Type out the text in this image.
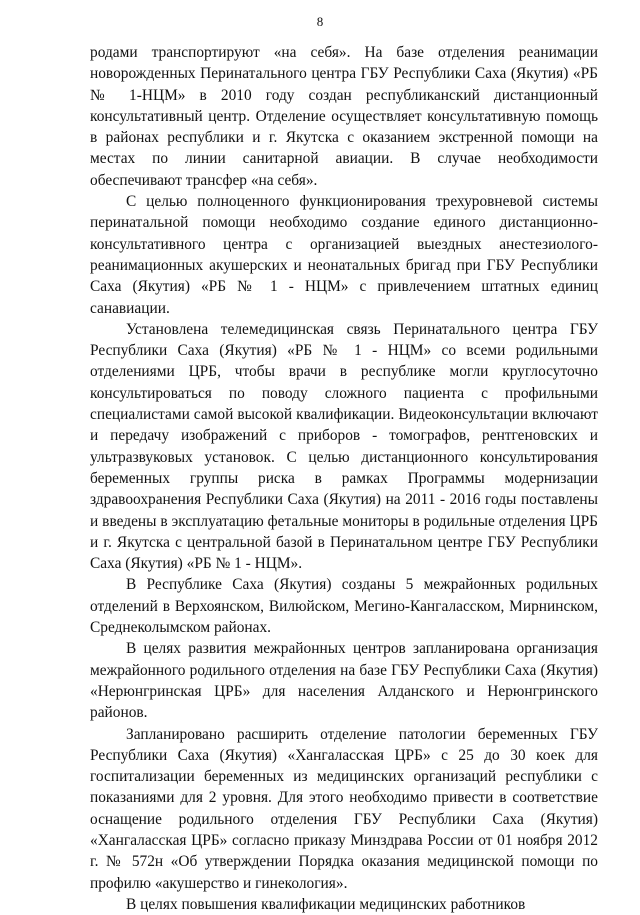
8

родами транспортируют «на себя». На базе отделения реанимации новорожденных Перинатального центра ГБУ Республики Саха (Якутия) «РБ № 1-НЦМ» в 2010 году создан республиканский дистанционный консультативный центр. Отделение осуществляет консультативную помощь в районах республики и г. Якутска с оказанием экстренной помощи на местах по линии санитарной авиации. В случае необходимости обеспечивают трансфер «на себя».

С целью полноценного функционирования трехуровневой системы перинатальной помощи необходимо создание единого дистанционно-консультативного центра с организацией выездных анестезиолого-реанимационных акушерских и неонатальных бригад при ГБУ Республики Саха (Якутия) «РБ № 1 - НЦМ» с привлечением штатных единиц санавиации.

Установлена телемедицинская связь Перинатального центра ГБУ Республики Саха (Якутия) «РБ № 1 - НЦМ» со всеми родильными отделениями ЦРБ, чтобы врачи в республике могли круглосуточно консультироваться по поводу сложного пациента с профильными специалистами самой высокой квалификации. Видеоконсультации включают и передачу изображений с приборов - томографов, рентгеновских и ультразвуковых установок. С целью дистанционного консультирования беременных группы риска в рамках Программы модернизации здравоохранения Республики Саха (Якутия) на 2011 - 2016 годы поставлены и введены в эксплуатацию фетальные мониторы в родильные отделения ЦРБ и г. Якутска с центральной базой в Перинатальном центре ГБУ Республики Саха (Якутия) «РБ № 1 - НЦМ».

В Республике Саха (Якутия) созданы 5 межрайонных родильных отделений в Верхоянском, Вилюйском, Мегино-Кангаласском, Мирнинском, Среднеколымском районах.

В целях развития межрайонных центров запланирована организация межрайонного родильного отделения на базе ГБУ Республики Саха (Якутия) «Нерюнгринская ЦРБ» для населения Алданского и Нерюнгринского районов.

Запланировано расширить отделение патологии беременных ГБУ Республики Саха (Якутия) «Хангаласская ЦРБ» с 25 до 30 коек для госпитализации беременных из медицинских организаций республики с показаниями для 2 уровня. Для этого необходимо привести в соответствие оснащение родильного отделения ГБУ Республики Саха (Якутия) «Хангаласская ЦРБ» согласно приказу Минздрава России от 01 ноября 2012 г. № 572н «Об утверждении Порядка оказания медицинской помощи по профилю «акушерство и гинекология».

В целях повышения квалификации медицинских работников
